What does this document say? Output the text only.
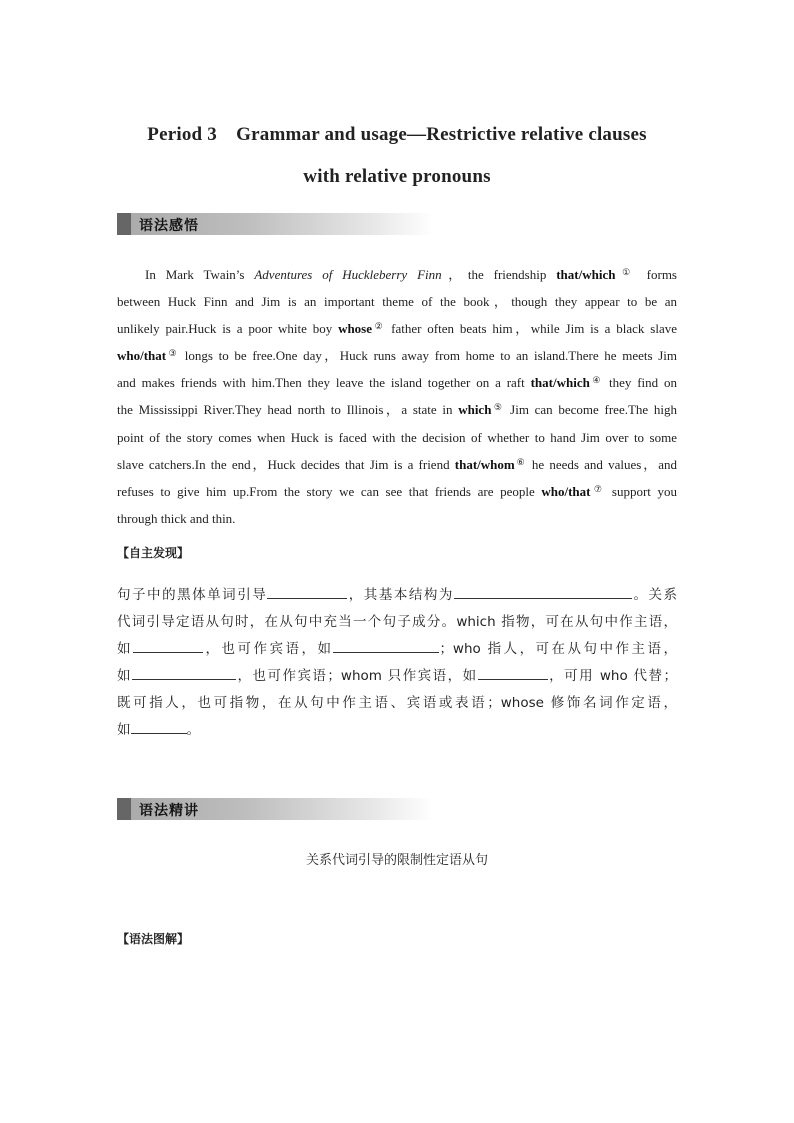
Period 3 Grammar and usage—Restrictive relative clauses
with relative pronouns
语法感悟
In Mark Twain’s Adventures of Huckleberry Finn，the friendship that/which① forms
between Huck Finn and Jim is an important theme of the book，though they appear to be an
unlikely pair.Huck is a poor white boy whose② father often beats him，while Jim is a black slave
who/that③ longs to be free.One day，Huck runs away from home to an island.There he meets Jim
and makes friends with him.Then they leave the island together on a raft that/which④ they find on
the Mississippi River.They head north to Illinois，a state in which⑤ Jim can become free.The high
point of the story comes when Huck is faced with the decision of whether to hand Jim over to some
slave catchers.In the end，Huck decides that Jim is a friend that/whom⑥ he needs and values，and
refuses to give him up.From the story we can see that friends are people who/that⑦ support you
through thick and thin.
【自主发现】
句子中的黑体单词引导	，其基本结构为	。关系
代词引导定语从句时，在从句中充当一个句子成分。which 指物，可在从句中作主语，
如	，也可作宾语，如	；who 指人，可在从句中作主语，
如	，也可作宾语；whom 只作宾语，如	，可用 who 代替；
既可指人，也可指物，在从句中作主语、宾语或表语；whose 修饰名词作定语，
如	。
语法精讲
关系代词引导的限制性定语从句
【语法图解】
